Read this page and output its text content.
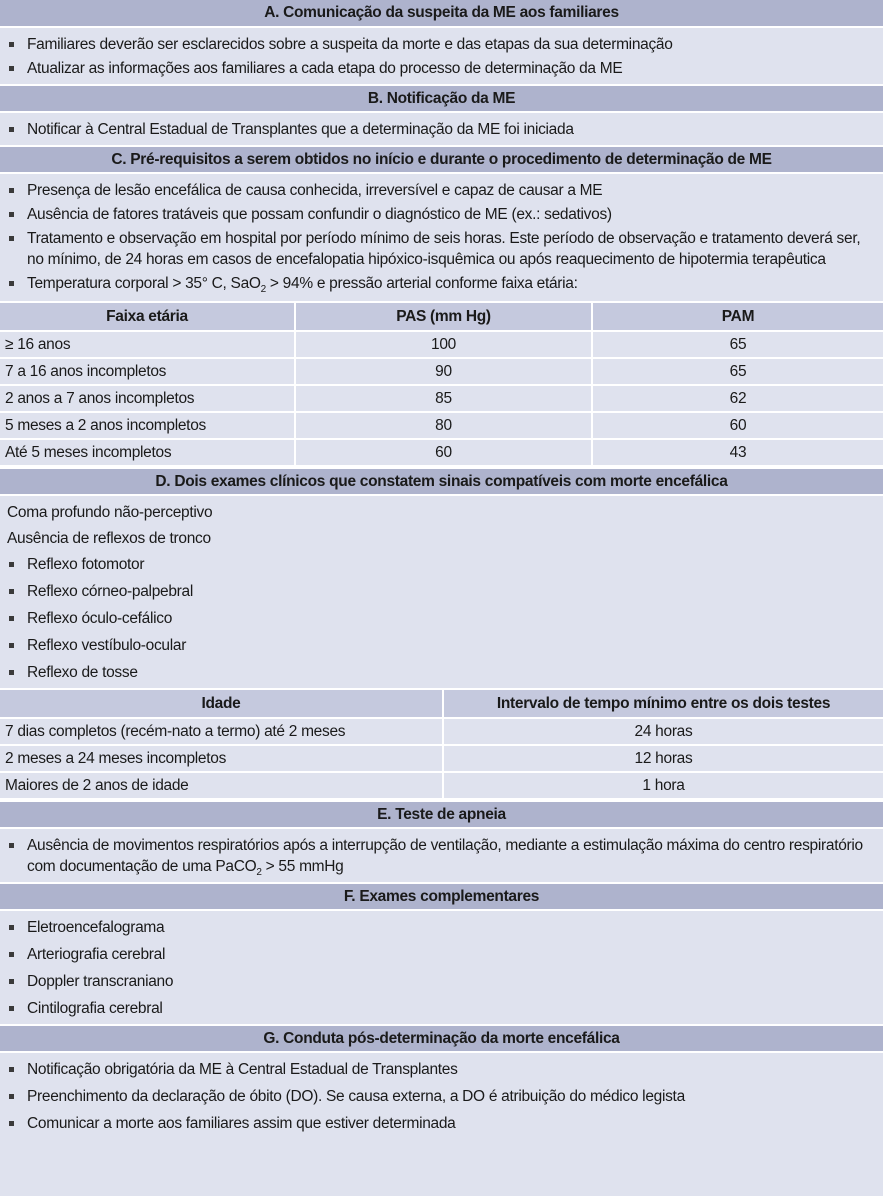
A. Comunicação da suspeita da ME aos familiares
Familiares deverão ser esclarecidos sobre a suspeita da morte e das etapas da sua determinação
Atualizar as informações aos familiares a cada etapa do processo de determinação da ME
B. Notificação da ME
Notificar à Central Estadual de Transplantes que a determinação da ME foi iniciada
C. Pré-requisitos a serem obtidos no início e durante o procedimento de determinação de ME
Presença de lesão encefálica de causa conhecida, irreversível e capaz de causar a ME
Ausência de fatores tratáveis que possam confundir o diagnóstico de ME (ex.: sedativos)
Tratamento e observação em hospital por período mínimo de seis horas. Este período de observação e tratamento deverá ser, no mínimo, de 24 horas em casos de encefalopatia hipóxico-isquêmica ou após reaquecimento de hipotermia terapêutica
Temperatura corporal > 35° C, SaO$_2$ > 94% e pressão arterial conforme faixa etária:
Faixa etária	PAS (mm Hg)	PAM
≥ 16 anos	100	65
7 a 16 anos incompletos	90	65
2 anos a 7 anos incompletos	85	62
5 meses a 2 anos incompletos	80	60
Até 5 meses incompletos	60	43
D. Dois exames clínicos que constatem sinais compatíveis com morte encefálica
Coma profundo não-perceptivo
Ausência de reflexos de tronco
Reflexo fotomotor
Reflexo córneo-palpebral
Reflexo óculo-cefálico
Reflexo vestíbulo-ocular
Reflexo de tosse
Idade	Intervalo de tempo mínimo entre os dois testes
7 dias completos (recém-nato a termo) até 2 meses	24 horas
2 meses a 24 meses incompletos	12 horas
Maiores de 2 anos de idade	1 hora
E. Teste de apneia
Ausência de movimentos respiratórios após a interrupção de ventilação, mediante a estimulação máxima do centro respiratório com documentação de uma PaCO$_2$ > 55 mmHg
F. Exames complementares
Eletroencefalograma
Arteriografia cerebral
Doppler transcraniano
Cintilografia cerebral
G. Conduta pós-determinação da morte encefálica
Notificação obrigatória da ME à Central Estadual de Transplantes
Preenchimento da declaração de óbito (DO). Se causa externa, a DO é atribuição do médico legista
Comunicar a morte aos familiares assim que estiver determinada
